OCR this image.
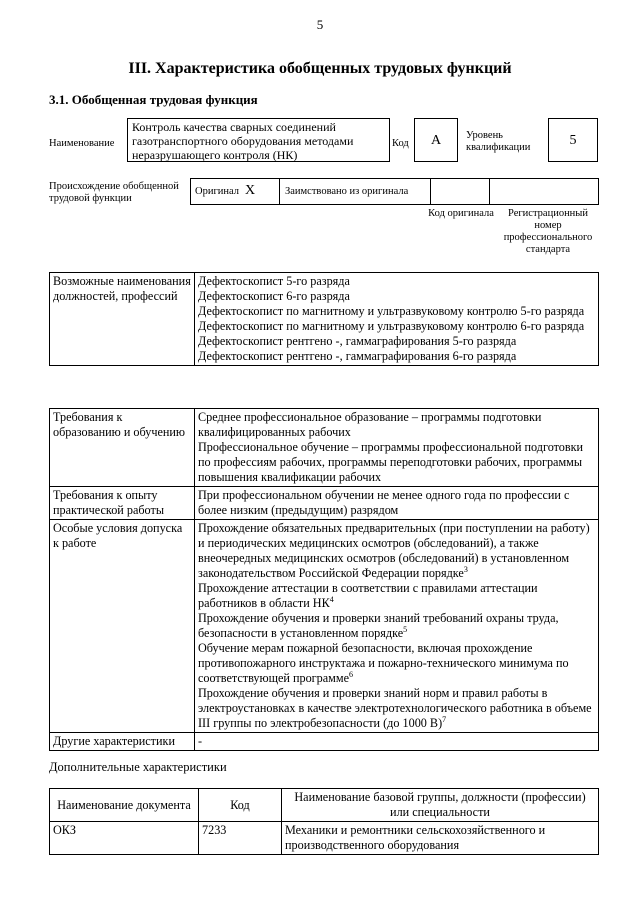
5
III. Характеристика обобщенных трудовых функций
3.1. Обобщенная трудовая функция
Наименование
Контроль качества сварных соединений газотранспортного оборудования методами неразрушающего контроля (НК)
Код	А	Уровень квалификации	5
Происхождение обобщенной трудовой функции
Оригинал X	Заимствовано из оригинала
Код оригинала	Регистрационный номер профессионального стандарта
Возможные наименования должностей, профессий	
Дефектоскопист 5-го разряда
Дефектоскопист 6-го разряда
Дефектоскопист по магнитному и ультразвуковому контролю 5-го разряда
Дефектоскопист по магнитному и ультразвуковому контролю 6-го разряда
Дефектоскопист рентгено -, гаммаграфирования 5-го разряда
Дефектоскопист рентгено -, гаммаграфирования 6-го разряда
Требования к образованию и обучению	Среднее профессиональное образование – программы подготовки квалифицированных рабочих
Профессиональное обучение – программы профессиональной подготовки по профессиям рабочих, программы переподготовки рабочих, программы повышения квалификации рабочих

Требования к опыту практической работы	При профессиональном обучении не менее одного года по профессии с более низким (предыдущим) разрядом
Особые условия допуска к работе	Прохождение обязательных предварительных (при поступлении на работу) и периодических медицинских осмотров (обследований), а также внеочередных медицинских осмотров (обследований) в установленном законодательством Российской Федерации порядке$^3$
Прохождение аттестации в соответствии с правилами аттестации работников в области $НК^4$
Прохождение обучения и проверки знаний требований охраны труда, безопасности в установленном порядке$^5$
Обучение мерам пожарной безопасности, включая прохождение противопожарного инструктажа и пожарно-технического минимума по соответствующей программе$^6$
Прохождение обучения и проверки знаний норм и правил работы в электроустановках в качестве электротехнологического работника в объеме III группы по электробезопасности (до 1000 В)$^7$

Другие характеристики	-
Дополнительные характеристики
Наименование документа	Код	Наименование базовой группы, должности (профессии) или специальности
ОКЗ	7233	Механики и ремонтники сельскохозяйственного и производственного оборудования
